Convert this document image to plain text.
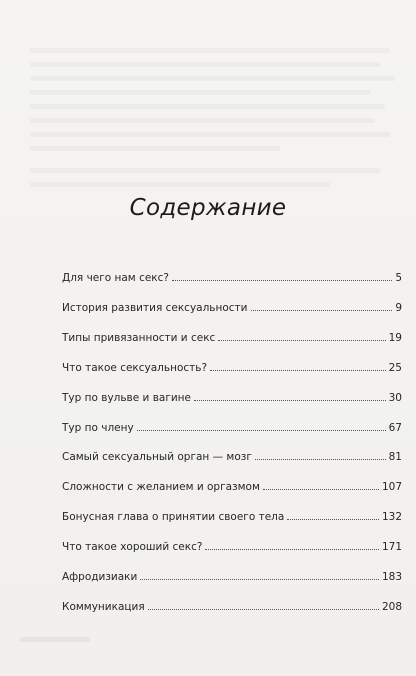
Содержание
Для чего нам секс?	5
История развития сексуальности	9
Типы привязанности и секс	19
Что такое сексуальность?	25
Тур по вульве и вагине	30
Тур по члену	67
Самый сексуальный орган — мозг	81
Сложности с желанием и оргазмом	107
Бонусная глава о принятии своего тела	132
Что такое хороший секс?	171
Афродизиаки	183
Коммуникация	208
